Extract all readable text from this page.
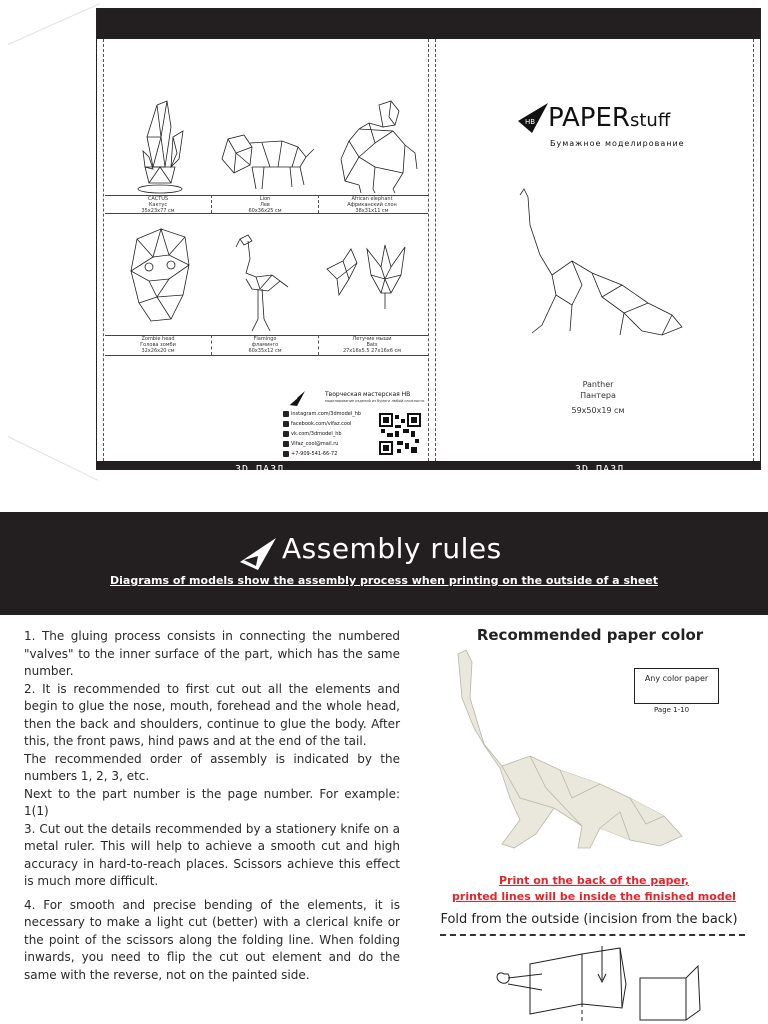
3D ПАЗЛ	3D ПАЗЛ
CACTUS
Кактус
35x23x77 см
Lion
Лев
60x36x25 см
African elephant
Африканский слон
38x31x11 см
Zombie head
Голова зомби
32x26x20 см
Flamingo
фламинго
60x35x12 см
Летучие мыши
Bats
27x16x5.5 27x16x6 см
Творческая мастерская HB
моделирование изделий из бумаги любой сложности
instagram.com/3dmodel_hb
facebook.com/vifaz.cool
vk.com/3dmodel_hb
Vifaz_cool@mail.ru
+7-909-541-66-72
HB PAPERstuff
Бумажное моделирование
Panther
Пантера
59x50x19 см
Assembly rules
Diagrams of models show the assembly process when printing on the outside of a sheet

1. The gluing process consists in connecting the numbered "valves" to the inner surface of the part, which has the same number.

2. It is recommended to first cut out all the elements and begin to glue the nose, mouth, forehead and the whole head, then the back and shoulders, continue to glue the body. After this, the front paws, hind paws and at the end of the tail.

The recommended order of assembly is indicated by the numbers 1, 2, 3, etc.

Next to the part number is the page number. For example: 1(1)

3. Cut out the details recommended by a stationery knife on a metal ruler. This will help to achieve a smooth cut and high accuracy in hard-to-reach places. Scissors achieve this effect is much more difficult.

4. For smooth and precise bending of the elements, it is necessary to make a light cut (better) with a clerical knife or the point of the scissors along the folding line. When folding inwards, you need to flip the cut out element and do the same with the reverse, not on the painted side.

Recommended paper color
Any color paper
Page 1-10
Print on the back of the paper,
printed lines will be inside the finished model
Fold from the outside (incision from the back)
